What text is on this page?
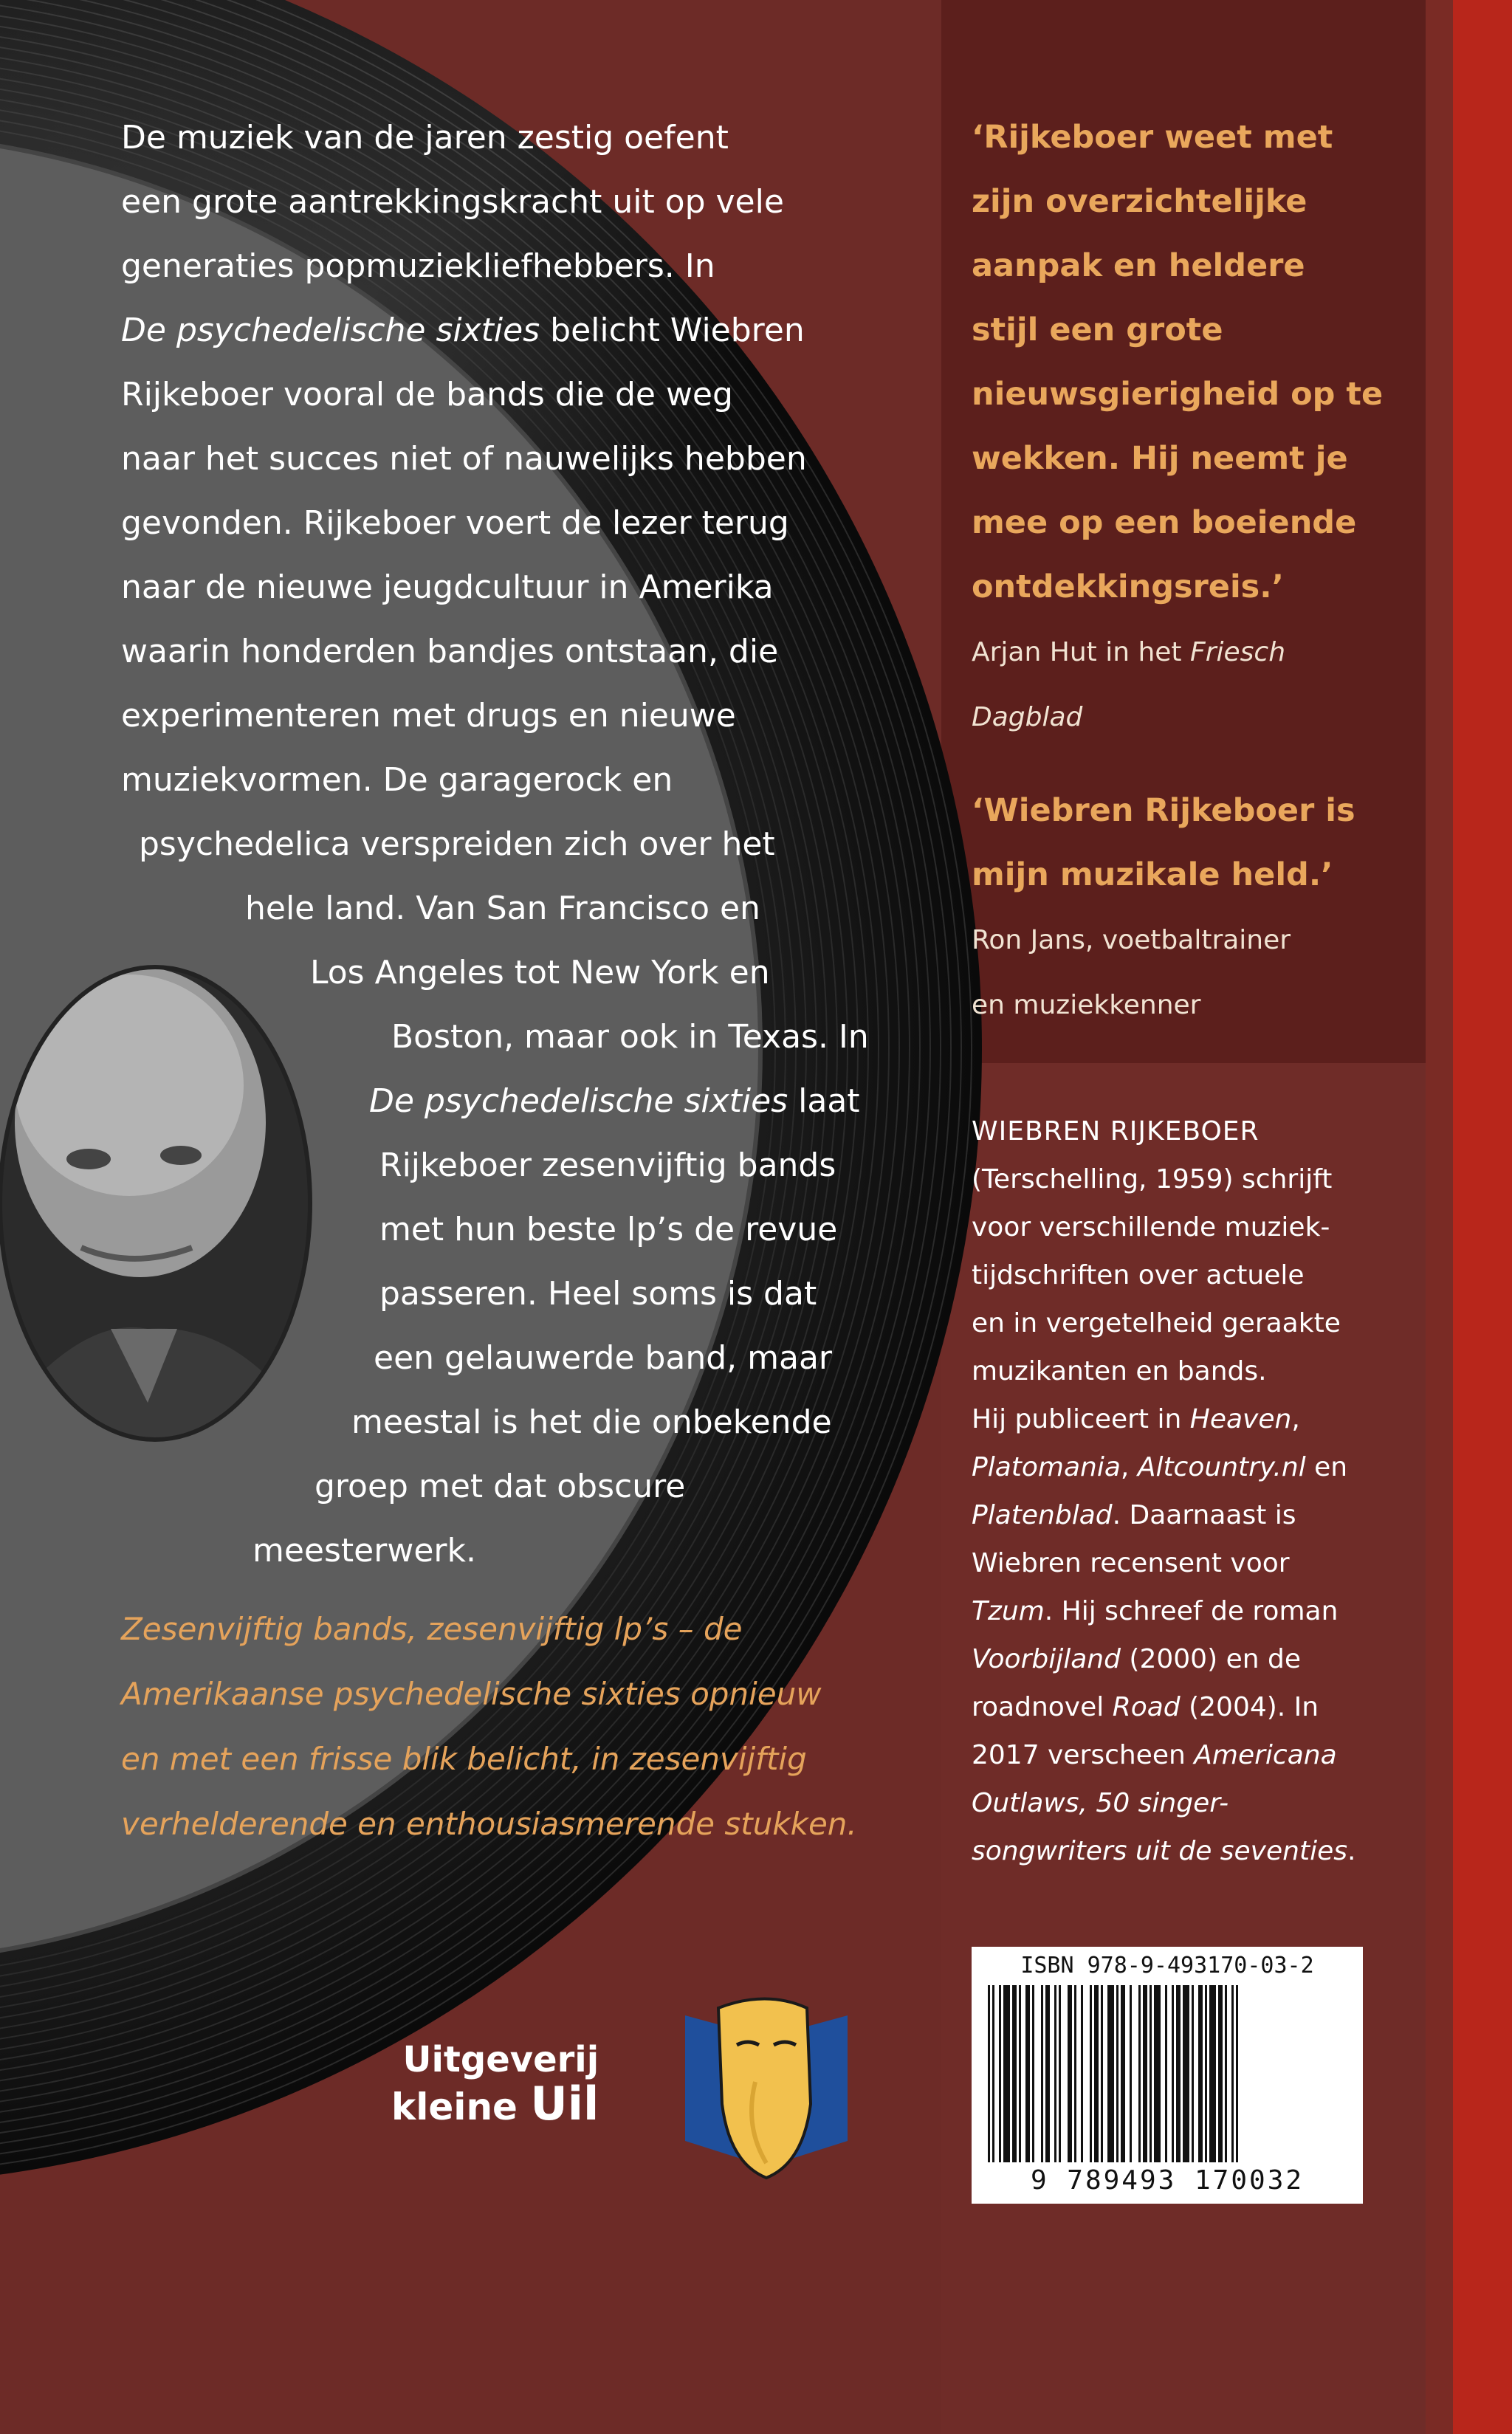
De muziek van de jaren zestig oefent
een grote aantrekkingskracht uit op vele
generaties popmuziekliefhebbers. In
De psychedelische sixties belicht Wiebren
Rijkeboer vooral de bands die de weg
naar het succes niet of nauwelijks hebben
gevonden. Rijkeboer voert de lezer terug
naar de nieuwe jeugdcultuur in Amerika
waarin honderden bandjes ontstaan, die
experimenteren met drugs en nieuwe
muziekvormen. De garagerock en
psychedelica verspreiden zich over het
hele land. Van San Francisco en
Los Angeles tot New York en
Boston, maar ook in Texas. In
De psychedelische sixties laat
Rijkeboer zesenvijftig bands
met hun beste lp’s de revue
passeren. Heel soms is dat
een gelauwerde band, maar
meestal is het die onbekende
groep met dat obscure
meesterwerk.
Zesenvijftig bands, zesenvijftig lp’s – de
Amerikaanse psychedelische sixties opnieuw
en met een frisse blik belicht, in zesenvijftig
verhelderende en enthousiasmerende stukken.
‘Rijkeboer weet met
zijn overzichtelijke
aanpak en heldere
stijl een grote
nieuwsgierigheid op te
wekken. Hij neemt je
mee op een boeiende
ontdekkingsreis.’
Arjan Hut in het Friesch
Dagblad
‘Wiebren Rijkeboer is
mijn muzikale held.’
Ron Jans, voetbaltrainer
en muziekkenner
WIEBREN RIJKEBOER
(Terschelling, 1959) schrijft
voor verschillende muziek-
tijdschriften over actuele
en in vergetelheid geraakte
muzikanten en bands.
Hij publiceert in Heaven,
Platomania, Altcountry.nl en
Platenblad. Daarnaast is
Wiebren recensent voor
Tzum. Hij schreef de roman
Voorbijland (2000) en de
roadnovel Road (2004). In
2017 verscheen Americana
Outlaws, 50 singer-
songwriters uit de seventies.
ISBN 978-9-493170-03-2
9 789493 170032
Uitgeverij
kleine Uil
